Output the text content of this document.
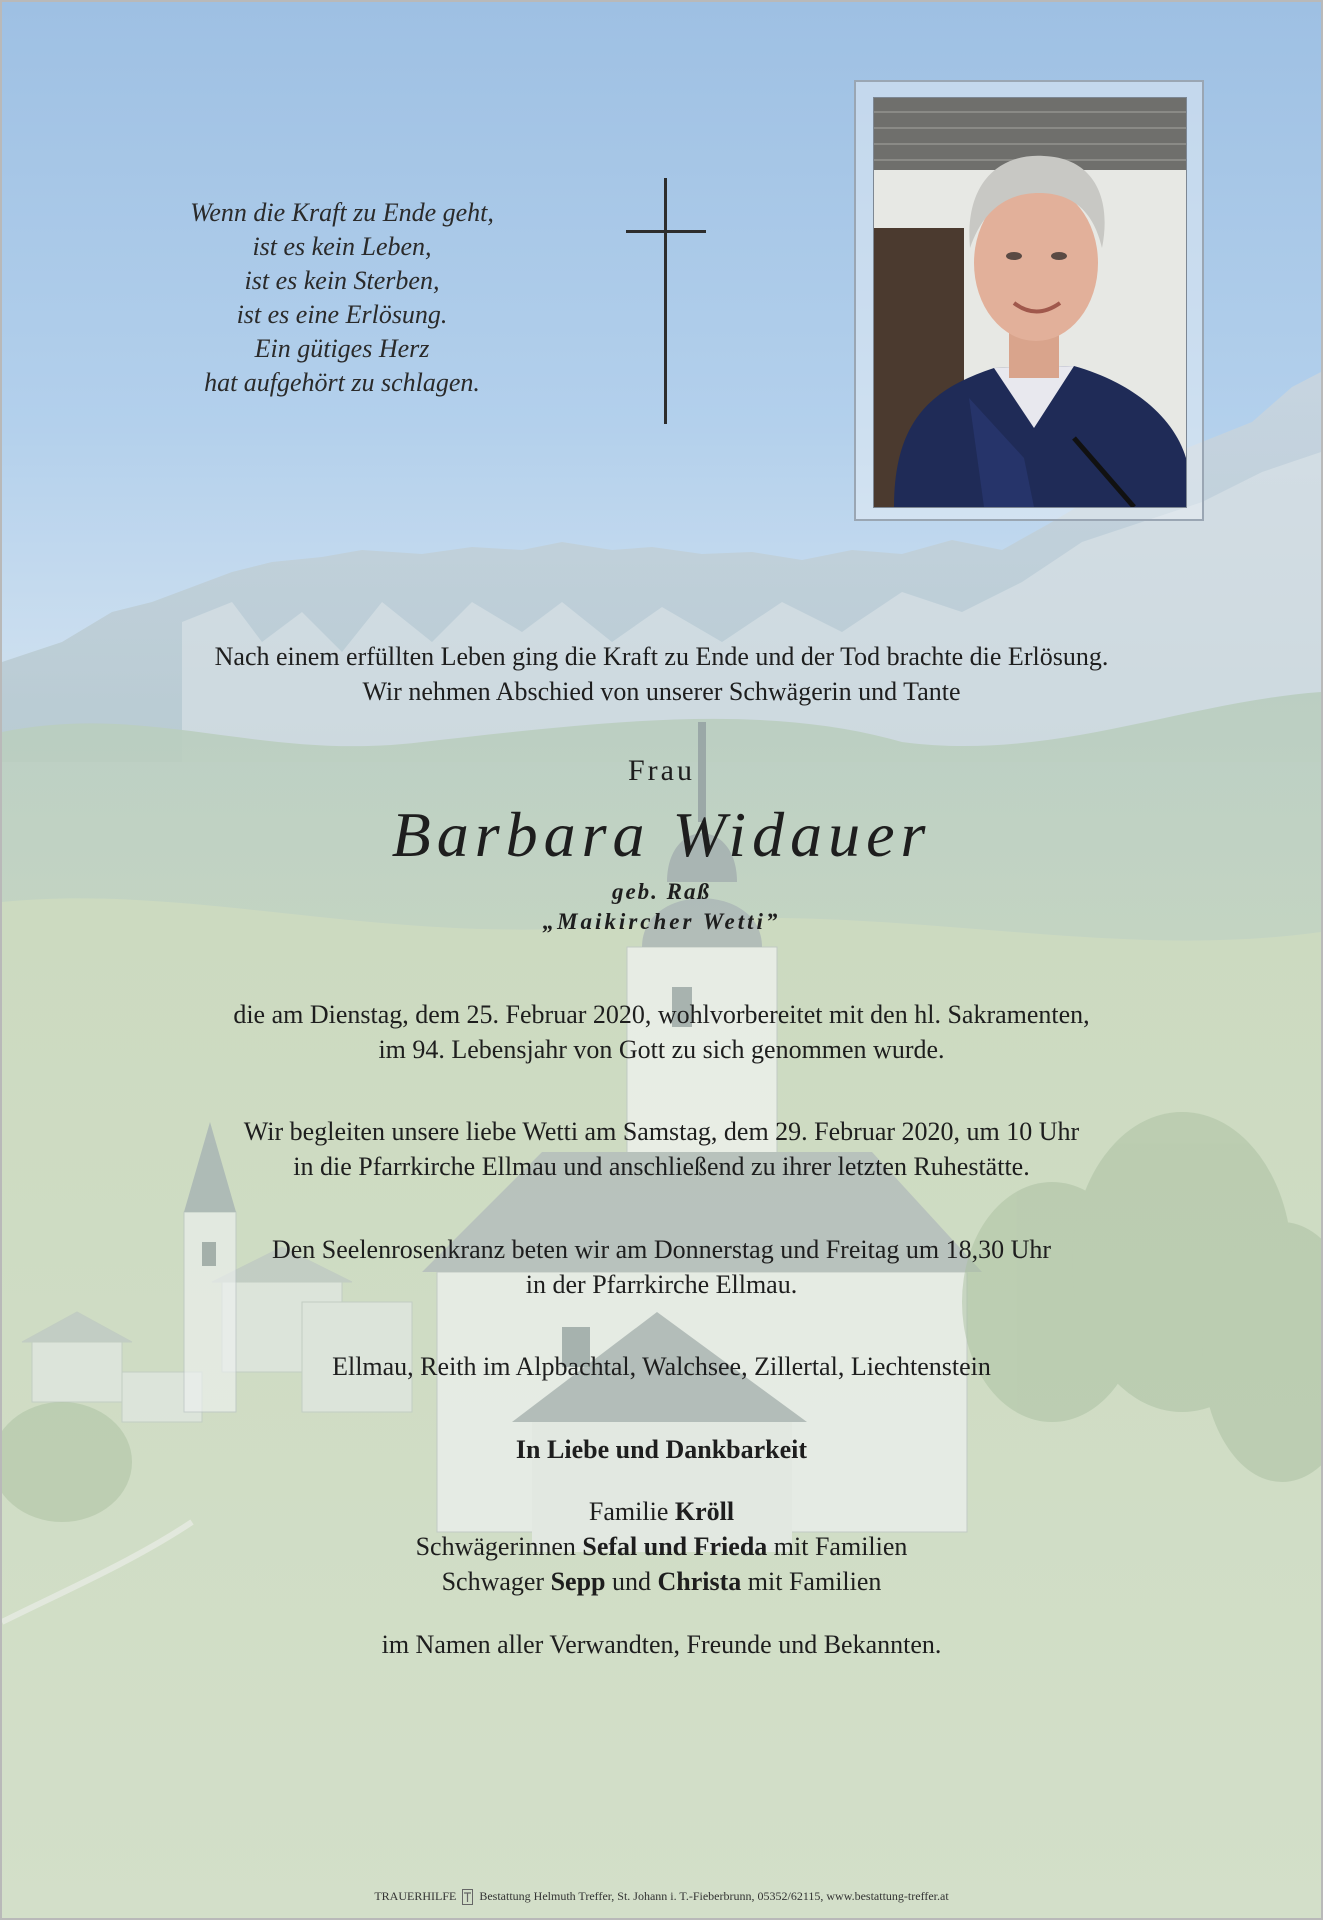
Wenn die Kraft zu Ende geht,
ist es kein Leben,
ist es kein Sterben,
ist es eine Erlösung.
Ein gütiges Herz
hat aufgehört zu schlagen.
Nach einem erfüllten Leben ging die Kraft zu Ende und der Tod brachte die Erlösung.
Wir nehmen Abschied von unserer Schwägerin und Tante
Frau
Barbara Widauer
geb. Raß
„Maikircher Wetti”
die am Dienstag, dem 25. Februar 2020, wohlvorbereitet mit den hl. Sakramenten,
im 94. Lebensjahr von Gott zu sich genommen wurde.
Wir begleiten unsere liebe Wetti am Samstag, dem 29. Februar 2020, um 10 Uhr
in die Pfarrkirche Ellmau und anschließend zu ihrer letzten Ruhestätte.
Den Seelenrosenkranz beten wir am Donnerstag und Freitag um 18,30 Uhr
in der Pfarrkirche Ellmau.
Ellmau, Reith im Alpbachtal, Walchsee, Zillertal, Liechtenstein
In Liebe und Dankbarkeit
Familie Kröll
Schwägerinnen Sefal und Frieda mit Familien
Schwager Sepp und Christa mit Familien
im Namen aller Verwandten, Freunde und Bekannten.
TRAUERHILFE Bestattung Helmuth Treffer, St. Johann i. T.-Fieberbrunn, 05352/62115, www.bestattung-treffer.at
